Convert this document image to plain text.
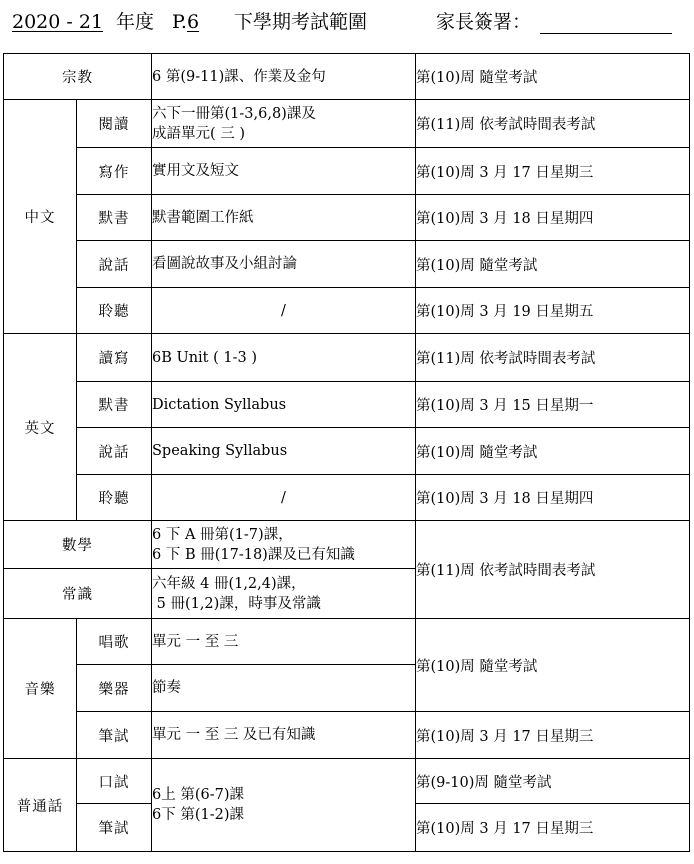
2020 - 21 年度 P.6 下學期考試範圍	家長簽署：
宗教		6 第(9-11)課、作業及金句	第(10)周 隨堂考試
中文	閱讀	六下一冊第(1-3,6,8)課及
成語單元( 三 )	第(11)周 依考試時間表考試
	寫作	實用文及短文	第(10)周 3 月 17 日星期三
	默書	默書範圍工作紙	第(10)周 3 月 18 日星期四
	說話	看圖說故事及小組討論	第(10)周 隨堂考試
	聆聽	/	第(10)周 3 月 19 日星期五
英文	讀寫	6B Unit ( 1-3 )	第(11)周 依考試時間表考試
	默書	Dictation Syllabus	第(10)周 3 月 15 日星期一
	說話	Speaking Syllabus	第(10)周 隨堂考試
	聆聽	/	第(10)周 3 月 18 日星期四
數學		6 下 A 冊第(1-7)課，
6 下 B 冊(17-18)課及已有知識	第(11)周 依考試時間表考試
常識		六年級 4 冊(1,2,4)課，
5 冊(1,2)課，時事及常識	

音樂	唱歌	單元 一 至 三	第(10)周 隨堂考試
	樂器	節奏	
	筆試	單元 一 至 三 及已有知識	第(10)周 3 月 17 日星期三
普通話	口試	6上 第(6-7)課
6下 第(1-2)課	第(9-10)周 隨堂考試
	筆試		第(10)周 3 月 17 日星期三
